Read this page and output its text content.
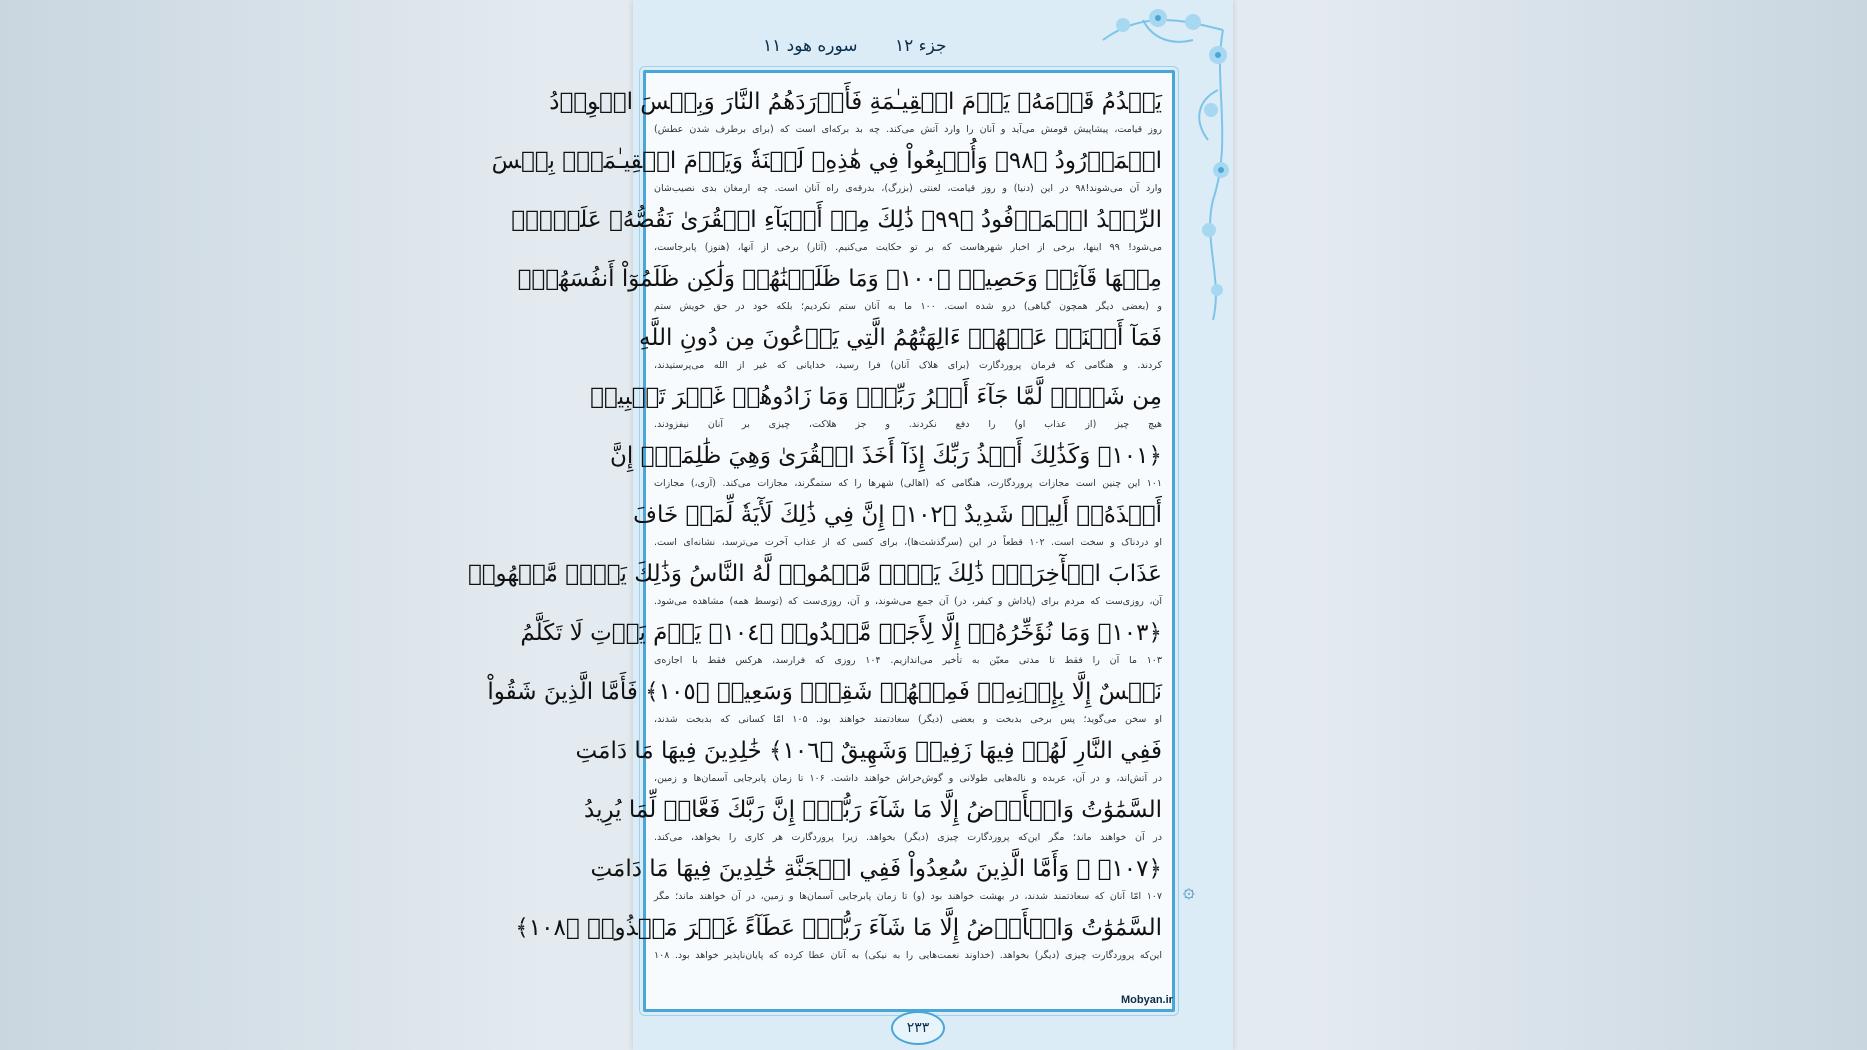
سوره هود ۱۱ جزء ۱۲
يَقۡدُمُ قَوۡمَهُۥ يَوۡمَ الۡقِيـٰمَةِ فَأَوۡرَدَهُمُ النَّارَ وَبِئۡسَ الۡوِرۡدُ
روز قیامت، پیشاپیش قومش می‌آید و آنان را وارد آتش می‌کند. چه بد برکه‌ای است که (برای برطرف شدن عطش)
الۡمَوۡرُودُ ﴿٩٨﴾ وَأُتۡبِعُواْ فِي هَٰذِهِۦ لَعۡنَةٗ وَيَوۡمَ الۡقِيـٰمَةِۚ بِئۡسَ
وارد آن می‌شوند!۹۸ در این (دنیا) و روز قیامت، لعنتی (بزرگ)، بدرقه‌ی راه آنان است. چه ارمغان بدی نصیب‌شان
الرِّفۡدُ الۡمَرۡفُودُ ﴿٩٩﴾ ذَٰلِكَ مِنۡ أَنۢبَآءِ الۡقُرَىٰ نَقُصُّهُۥ عَلَيۡكَۖ
می‌شود! ۹۹ اینها، برخی از اخبار شهرهاست که بر تو حکایت می‌کنیم. (آثار) برخی از آنها، (هنوز) پابرجاست،
مِنۡهَا قَآئِمٞ وَحَصِيدٞ ﴿١٠٠﴾ وَمَا ظَلَمۡنَٰهُمۡ وَلَٰكِن ظَلَمُوٓاْ أَنفُسَهُمۡۖ
و (بعضی دیگر همچون گیاهی) درو شده است. ۱۰۰ ما به آنان ستم نکردیم؛ بلکه خود در حق خویش ستم
فَمَآ أَغۡنَتۡ عَنۡهُمۡ ءَالِهَتُهُمُ الَّتِي يَدۡعُونَ مِن دُونِ اللَّهِ
کردند. و هنگامی که فرمان پروردگارت (برای هلاک آنان) فرا رسید، خدایانی که غیر از الله می‌پرستیدند،
مِن شَيۡءٖ لَّمَّا جَآءَ أَمۡرُ رَبِّكَۖ وَمَا زَادُوهُمۡ غَيۡرَ تَتۡبِيبٖ
هیچ چیز (از عذاب او) را دفع نکردند. و جز هلاکت، چیزی بر آنان نیفزودند.
﴿١٠١﴾ وَكَذَٰلِكَ أَخۡذُ رَبِّكَ إِذَآ أَخَذَ الۡقُرَىٰ وَهِيَ ظَٰلِمَةٌۚ إِنَّ
۱۰۱ این چنین است مجازات پروردگارت، هنگامی که (اهالی) شهرها را که ستمگرند، مجازات می‌کند. (آری،) مجازات
أَخۡذَهُۥٓ أَلِيمٞ شَدِيدٌ ﴿١٠٢﴾ إِنَّ فِي ذَٰلِكَ لَأٓيَةٗ لِّمَنۡ خَافَ
او دردناک و سخت است. ۱۰۲ قطعاً در این (سرگذشت‌ها)، برای کسی که از عذاب آخرت می‌ترسد، نشانه‌ای است.
عَذَابَ الۡأٓخِرَةِۚ ذَٰلِكَ يَوۡمٞ مَّجۡمُوعٞ لَّهُ النَّاسُ وَذَٰلِكَ يَوۡمٞ مَّشۡهُودٞ
آن، روزی‌ست که مردم برای (پاداش و کیفر، در) آن جمع می‌شوند، و آن، روزی‌ست که (توسط همه) مشاهده می‌شود.
﴿١٠٣﴾ وَمَا نُؤَخِّرُهُۥٓ إِلَّا لِأَجَلٖ مَّعۡدُودٖ ﴿١٠٤﴾ يَوۡمَ يَأۡتِ لَا تَكَلَّمُ
۱۰۳ ما آن را فقط تا مدتی معیّن به تأخیر می‌اندازیم. ۱۰۴ روزی که فرارسد، هرکس فقط با اجازه‌ی
نَفۡسٌ إِلَّا بِإِذۡنِهِۦۚ فَمِنۡهُمۡ شَقِيّٞ وَسَعِيدٞ ﴿١٠٥﴾ فَأَمَّا الَّذِينَ شَقُواْ
او سخن می‌گوید؛ پس برخی بدبخت و بعضی (دیگر) سعادتمند خواهند بود. ۱۰۵ امّا کسانی که بدبخت شدند،
فَفِي النَّارِ لَهُمۡ فِيهَا زَفِيرٞ وَشَهِيقٌ ﴿١٠٦﴾ خَٰلِدِينَ فِيهَا مَا دَامَتِ
در آتش‌اند، و در آن، عربده و ناله‌هایی طولانی و گوش‌خراش خواهند داشت. ۱۰۶ تا زمان پابرجایی آسمان‌ها و زمین،
السَّمَٰوَٰتُ وَالۡأَرۡضُ إِلَّا مَا شَآءَ رَبُّكَۚ إِنَّ رَبَّكَ فَعَّالٞ لِّمَا يُرِيدُ
در آن خواهند ماند؛ مگر این‌که پروردگارت چیزی (دیگر) بخواهد. زیرا پروردگارت هر کاری را بخواهد، می‌کند.
﴿١٠٧﴾ ۞ وَأَمَّا الَّذِينَ سُعِدُواْ فَفِي الۡجَنَّةِ خَٰلِدِينَ فِيهَا مَا دَامَتِ
۱۰۷ امّا آنان که سعادتمند شدند، در بهشت خواهند بود (و) تا زمان پابرجایی آسمان‌ها و زمین، در آن خواهند ماند؛ مگر
السَّمَٰوَٰتُ وَالۡأَرۡضُ إِلَّا مَا شَآءَ رَبُّكَۖ عَطَآءً غَيۡرَ مَجۡذُوذٖ ﴿١٠٨﴾
این‌که پروردگارت چیزی (دیگر) بخواهد. (خداوند نعمت‌هایی را به نیکی) به آنان عطا کرده که پایان‌ناپذیر خواهد بود. ۱۰۸
۞
Mobyan.ir
۲۳۳
